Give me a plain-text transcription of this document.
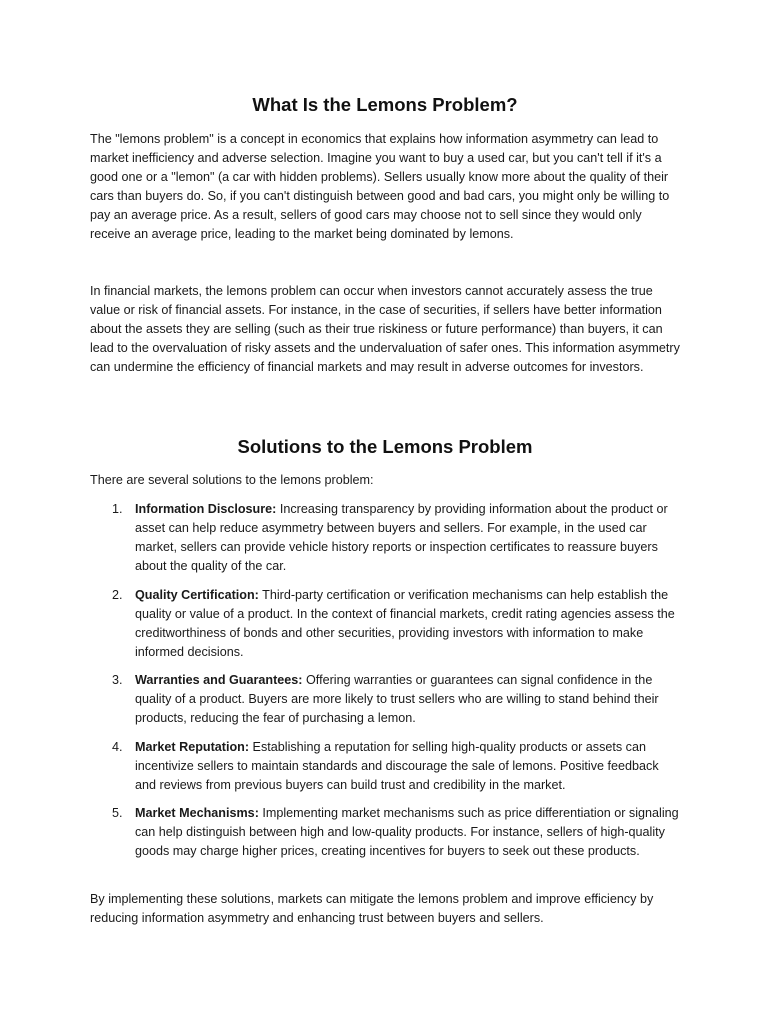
What Is the Lemons Problem?

The "lemons problem" is a concept in economics that explains how information asymmetry can lead to market inefficiency and adverse selection. Imagine you want to buy a used car, but you can't tell if it's a good one or a "lemon" (a car with hidden problems). Sellers usually know more about the quality of their cars than buyers do. So, if you can't distinguish between good and bad cars, you might only be willing to pay an average price. As a result, sellers of good cars may choose not to sell since they would only receive an average price, leading to the market being dominated by lemons.

In financial markets, the lemons problem can occur when investors cannot accurately assess the true value or risk of financial assets. For instance, in the case of securities, if sellers have better information about the assets they are selling (such as their true riskiness or future performance) than buyers, it can lead to the overvaluation of risky assets and the undervaluation of safer ones. This information asymmetry can undermine the efficiency of financial markets and may result in adverse outcomes for investors.

Solutions to the Lemons Problem

There are several solutions to the lemons problem:

1. Information Disclosure: Increasing transparency by providing information about the product or asset can help reduce asymmetry between buyers and sellers. For example, in the used car market, sellers can provide vehicle history reports or inspection certificates to reassure buyers about the quality of the car.
2. Quality Certification: Third-party certification or verification mechanisms can help establish the quality or value of a product. In the context of financial markets, credit rating agencies assess the creditworthiness of bonds and other securities, providing investors with information to make informed decisions.
3. Warranties and Guarantees: Offering warranties or guarantees can signal confidence in the quality of a product. Buyers are more likely to trust sellers who are willing to stand behind their products, reducing the fear of purchasing a lemon.
4. Market Reputation: Establishing a reputation for selling high-quality products or assets can incentivize sellers to maintain standards and discourage the sale of lemons. Positive feedback and reviews from previous buyers can build trust and credibility in the market.
5. Market Mechanisms: Implementing market mechanisms such as price differentiation or signaling can help distinguish between high and low-quality products. For instance, sellers of high-quality goods may charge higher prices, creating incentives for buyers to seek out these products.

By implementing these solutions, markets can mitigate the lemons problem and improve efficiency by reducing information asymmetry and enhancing trust between buyers and sellers.
